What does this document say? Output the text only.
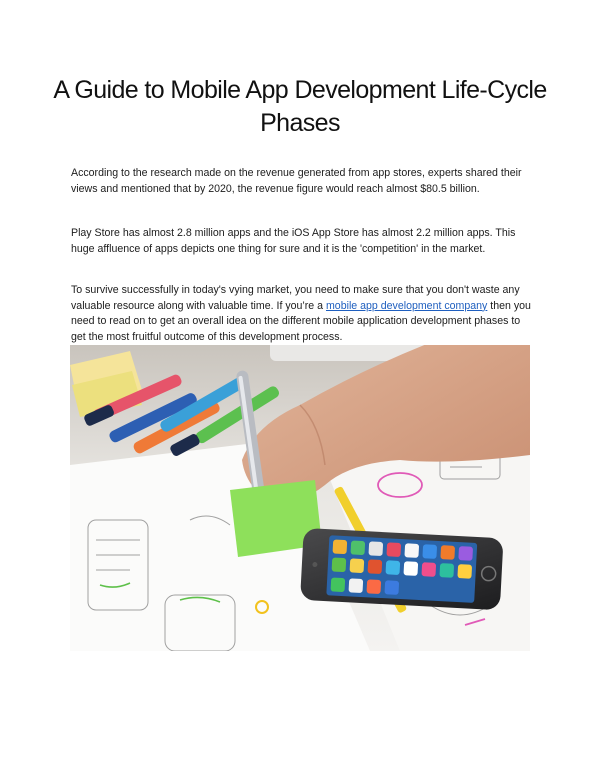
A Guide to Mobile App Development Life-Cycle Phases

According to the research made on the revenue generated from app stores, experts shared their views and mentioned that by 2020, the revenue figure would reach almost $80.5 billion.

Play Store has almost 2.8 million apps and the iOS App Store has almost 2.2 million apps. This huge affluence of apps depicts one thing for sure and it is the 'competition' in the market.

To survive successfully in today's vying market, you need to make sure that you don't waste any valuable resource along with valuable time. If you’re a mobile app development company then you need to read on to get an overall idea on the different mobile application development phases to get the most fruitful outcome of this development process.
